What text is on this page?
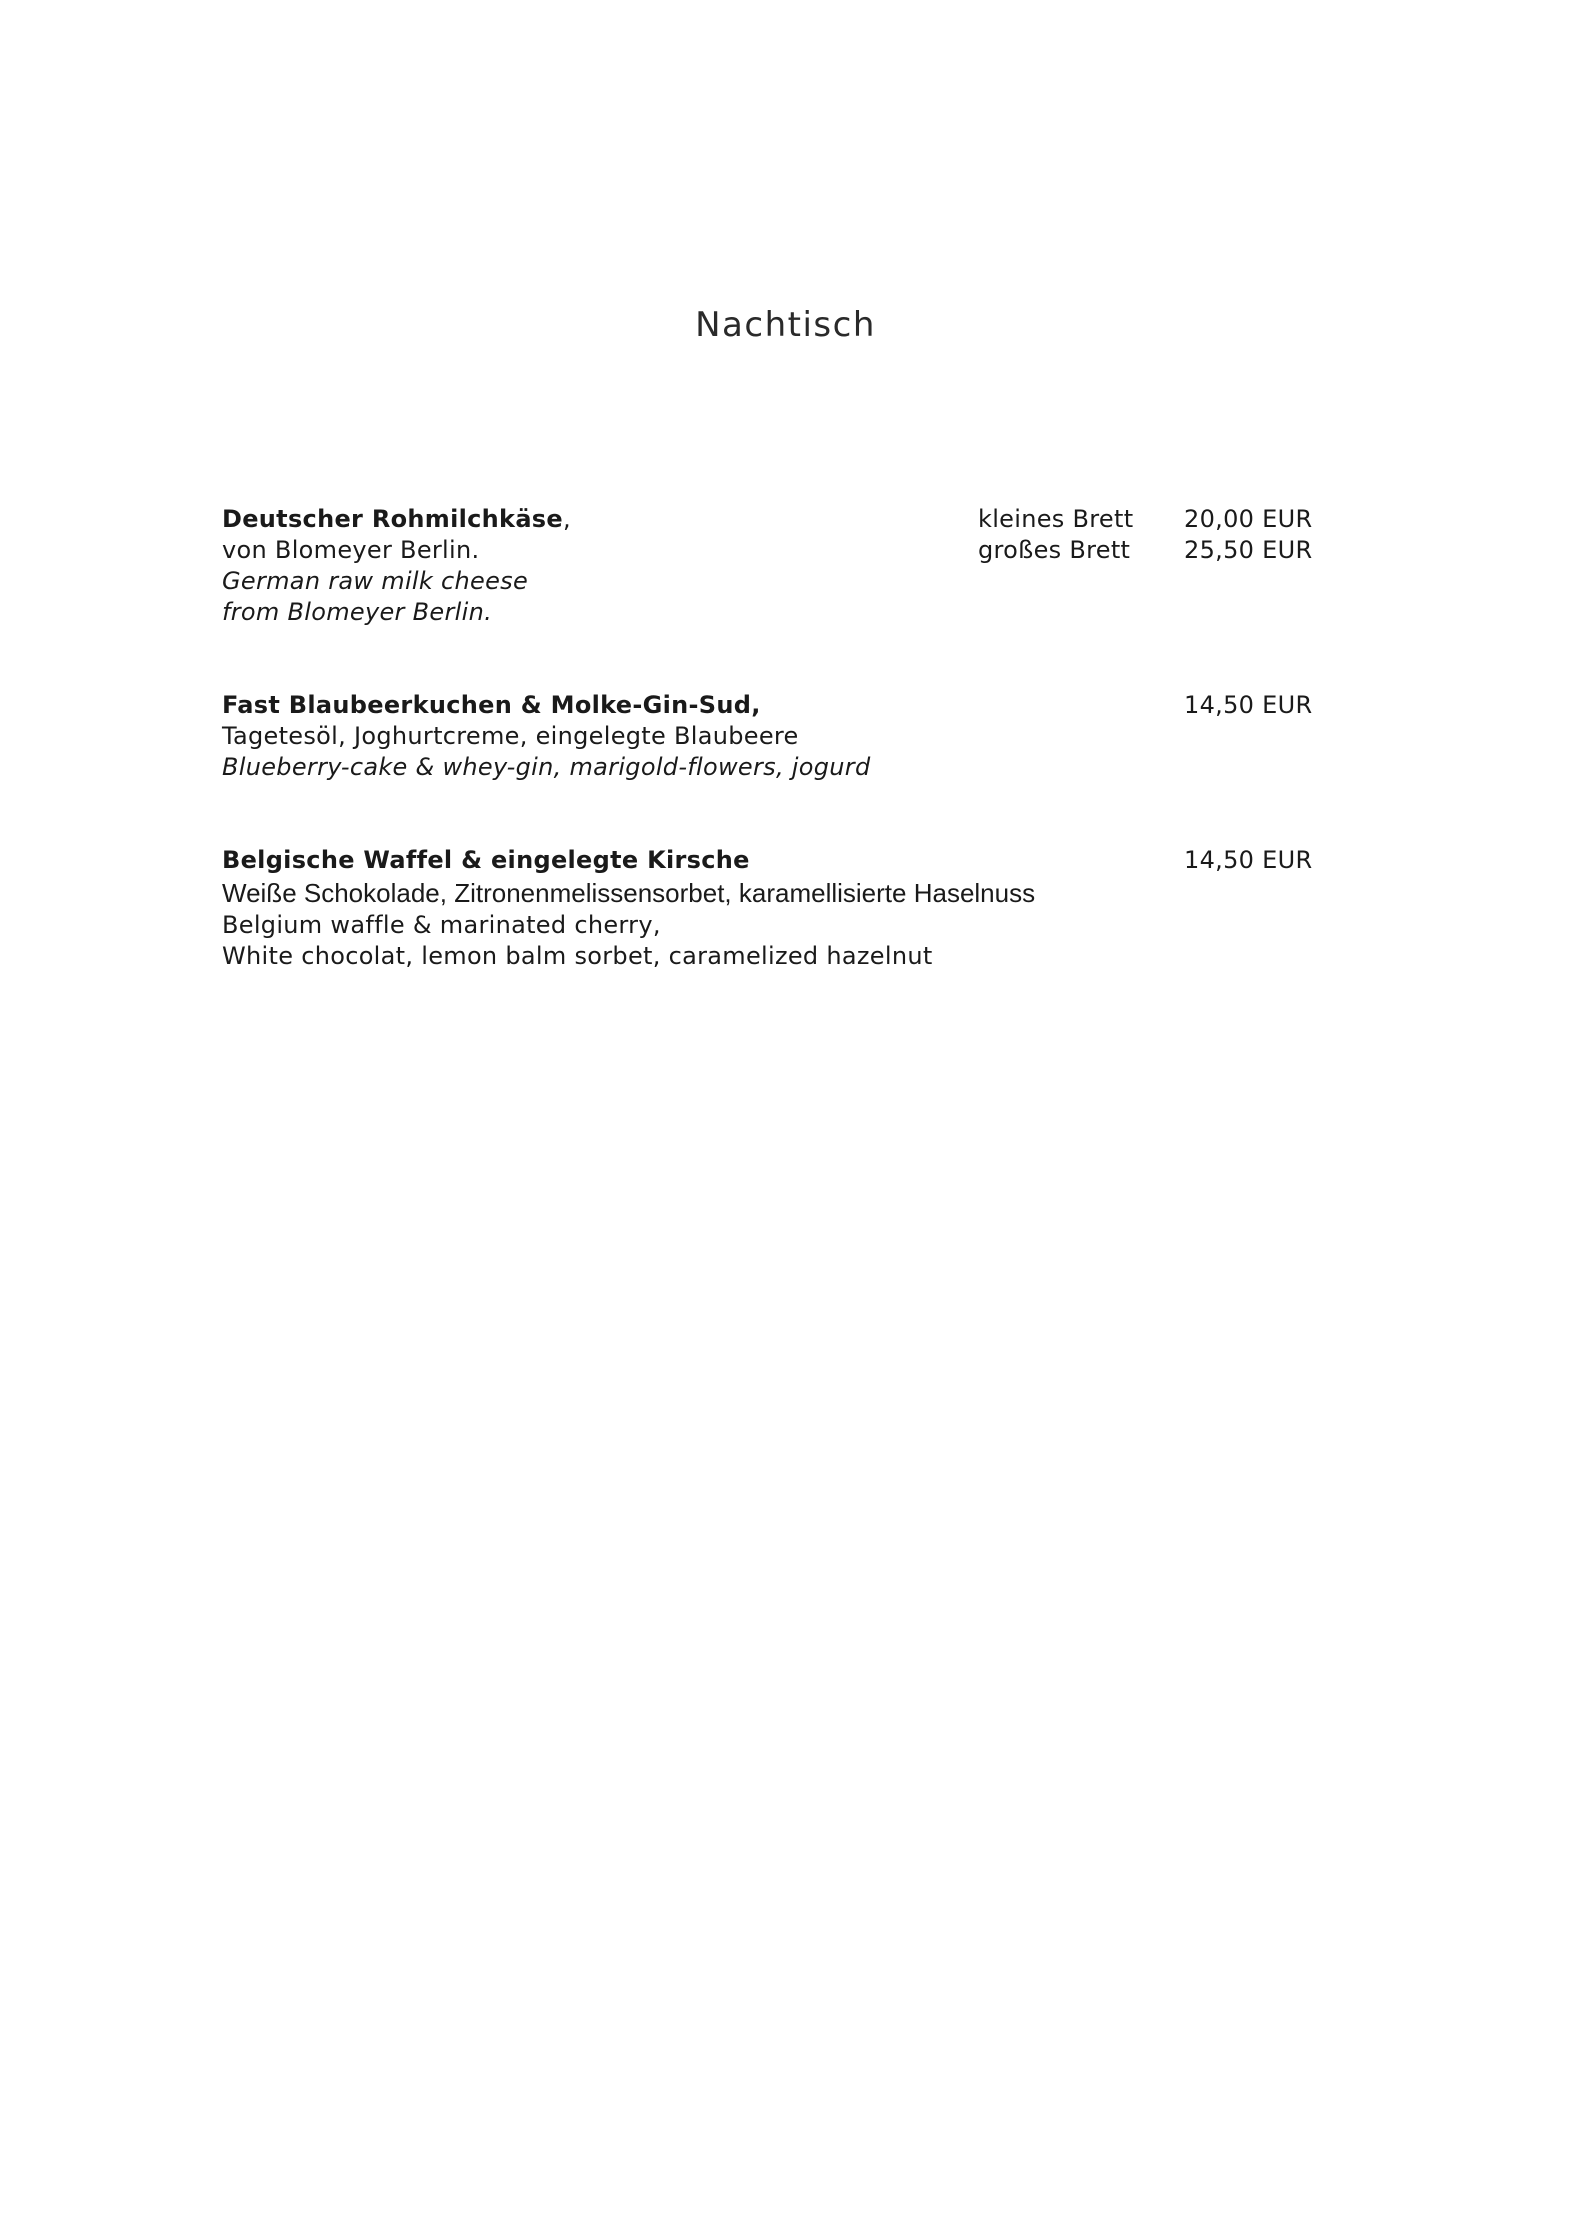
Nachtisch
Deutscher Rohmilchkäse,
von Blomeyer Berlin.
German raw milk cheese
from Blomeyer Berlin.
kleines Brett
großes Brett
20,00 EUR
25,50 EUR
Fast Blaubeerkuchen & Molke-Gin-Sud,
Tagetesöl, Joghurtcreme, eingelegte Blaubeere
Blueberry-cake & whey-gin, marigold-flowers, jogurd
14,50 EUR
Belgische Waffel & eingelegte Kirsche
Weiße Schokolade, Zitronenmelissensorbet, karamellisierte Haselnuss
Belgium waffle & marinated cherry,
White chocolat, lemon balm sorbet, caramelized hazelnut
14,50 EUR
